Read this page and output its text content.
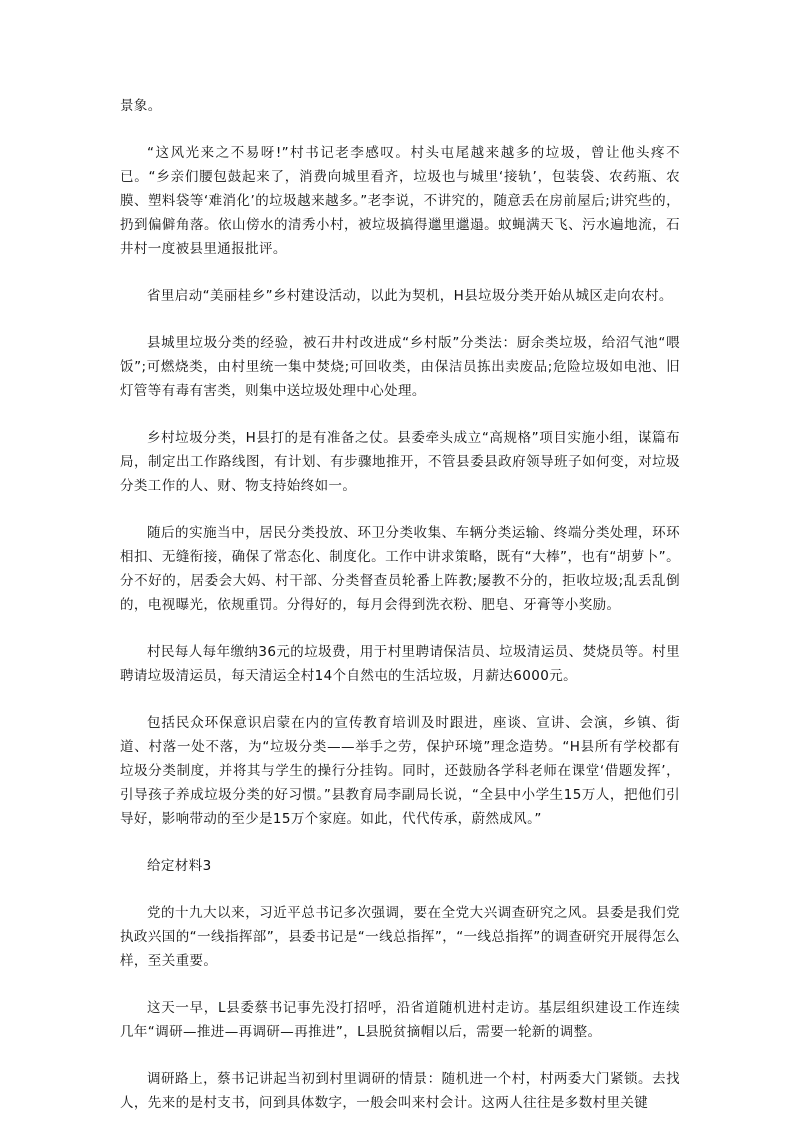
景象。

“这风光来之不易呀!”村书记老李感叹。村头屯尾越来越多的垃圾，曾让他头疼不已。“乡亲们腰包鼓起来了，消费向城里看齐，垃圾也与城里‘接轨’，包装袋、农药瓶、农膜、塑料袋等‘难消化’的垃圾越来越多。”老李说，不讲究的，随意丢在房前屋后;讲究些的，扔到偏僻角落。依山傍水的清秀小村，被垃圾搞得邋里邋遢。蚊蝇满天飞、污水遍地流，石井村一度被县里通报批评。

省里启动“美丽桂乡”乡村建设活动，以此为契机，H县垃圾分类开始从城区走向农村。

县城里垃圾分类的经验，被石井村改进成“乡村版”分类法：厨余类垃圾，给沼气池“喂饭”;可燃烧类，由村里统一集中焚烧;可回收类，由保洁员拣出卖废品;危险垃圾如电池、旧灯管等有毒有害类，则集中送垃圾处理中心处理。

乡村垃圾分类，H县打的是有准备之仗。县委牵头成立“高规格”项目实施小组，谋篇布局，制定出工作路线图，有计划、有步骤地推开，不管县委县政府领导班子如何变，对垃圾分类工作的人、财、物支持始终如一。

随后的实施当中，居民分类投放、环卫分类收集、车辆分类运输、终端分类处理，环环相扣、无缝衔接，确保了常态化、制度化。工作中讲求策略，既有“大棒”，也有“胡萝卜”。分不好的，居委会大妈、村干部、分类督查员轮番上阵教;屡教不分的，拒收垃圾;乱丢乱倒的，电视曝光，依规重罚。分得好的，每月会得到洗衣粉、肥皂、牙膏等小奖励。

村民每人每年缴纳36元的垃圾费，用于村里聘请保洁员、垃圾清运员、焚烧员等。村里聘请垃圾清运员，每天清运全村14个自然屯的生活垃圾，月薪达6000元。

包括民众环保意识启蒙在内的宣传教育培训及时跟进，座谈、宣讲、会演，乡镇、街道、村落一处不落，为“垃圾分类——举手之劳，保护环境”理念造势。“H县所有学校都有垃圾分类制度，并将其与学生的操行分挂钩。同时，还鼓励各学科老师在课堂‘借题发挥’，引导孩子养成垃圾分类的好习惯。”县教育局李副局长说，“全县中小学生15万人，把他们引导好，影响带动的至少是15万个家庭。如此，代代传承，蔚然成风。”

给定材料3

党的十九大以来，习近平总书记多次强调，要在全党大兴调查研究之风。县委是我们党执政兴国的“一线指挥部”，县委书记是“一线总指挥”，“一线总指挥”的调查研究开展得怎么样，至关重要。

这天一早，L县委蔡书记事先没打招呼，沿省道随机进村走访。基层组织建设工作连续几年“调研—推进—再调研—再推进”，L县脱贫摘帽以后，需要一轮新的调整。

调研路上，蔡书记讲起当初到村里调研的情景：随机进一个村，村两委大门紧锁。去找人，先来的是村支书，问到具体数字，一般会叫来村会计。这两人往往是多数村里关键
